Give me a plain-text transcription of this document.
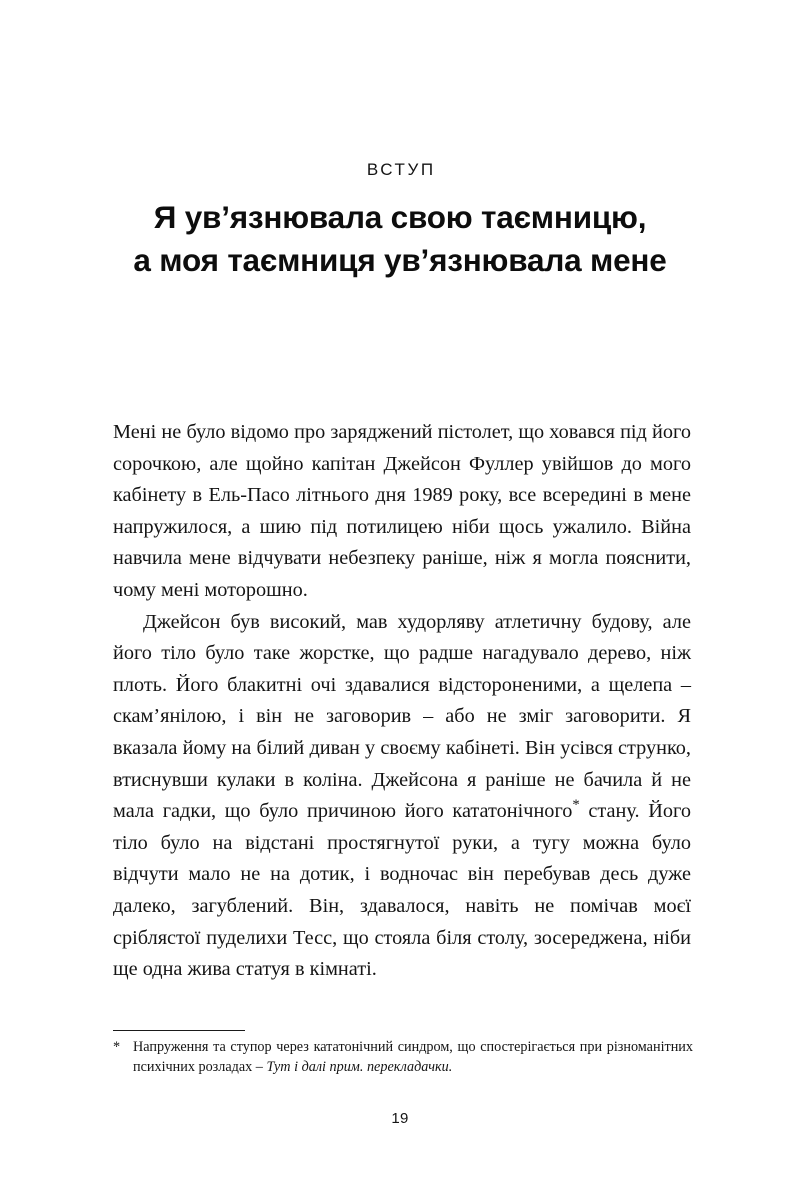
ВСТУП
Я ув’язнювала свою таємницю,
а моя таємниця ув’язнювала мене

Мені не було відомо про заряджений пістолет, що ховався під його сорочкою, але щойно капітан Джейсон Фуллер увійшов до мого кабінету в Ель-Пасо літнього дня 1989 року, все всередині в мене напружилося, а шию під потилицею ніби щось ужалило. Війна навчила мене відчувати небезпеку раніше, ніж я могла пояснити, чому мені моторошно.

Джейсон був високий, мав худорляву атлетичну будову, але його тіло було таке жорстке, що радше нагадувало дерево, ніж плоть. Його блакитні очі здавалися відстороненими, а щелепа – скам’янілою, і він не заговорив – або не зміг заговорити. Я вказала йому на білий диван у своєму кабінеті. Він усівся струнко, втиснувши кулаки в коліна. Джейсона я раніше не бачила й не мала гадки, що було причиною його кататонічного* стану. Його тіло було на відстані простягнутої руки, а тугу можна було відчути мало не на дотик, і водночас він перебував десь дуже далеко, загублений. Він, здавалося, навіть не помічав моєї сріблястої пуделихи Тесс, що стояла біля столу, зосереджена, ніби ще одна жива статуя в кімнаті.

* Напруження та ступор через кататонічний синдром, що спостерігається при різноманітних психічних розладах – Тут і далі прим. перекладачки.
19
